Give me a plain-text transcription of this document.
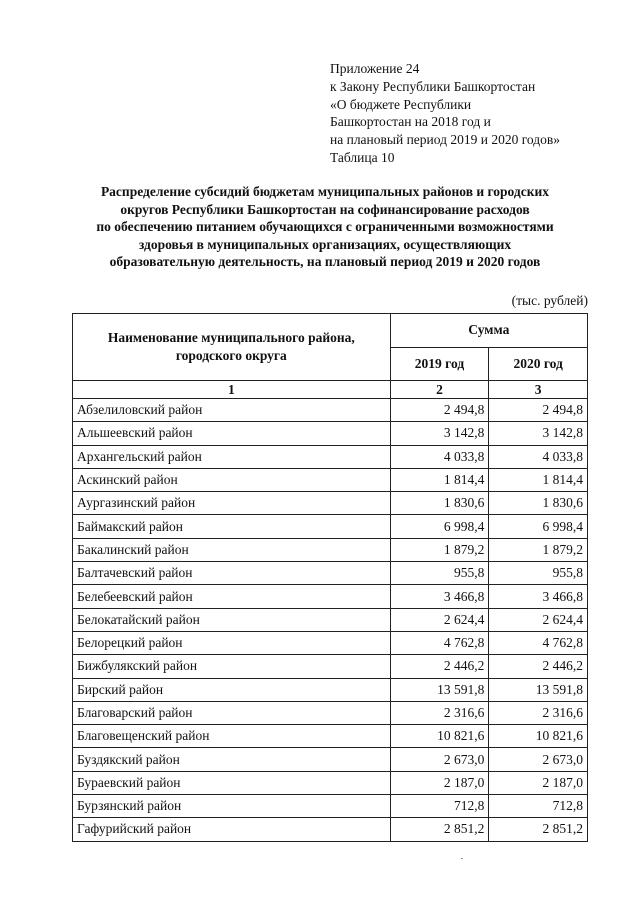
Приложение 24
к Закону Республики Башкортостан
«О бюджете Республики
Башкортостан на 2018 год и
на плановый период 2019 и 2020 годов»
Таблица 10
Распределение субсидий бюджетам муниципальных районов и городских
округов Республики Башкортостан на софинансирование расходов
по обеспечению питанием обучающихся с ограниченными возможностями
здоровья в муниципальных организациях, осуществляющих
образовательную деятельность, на плановый период 2019 и 2020 годов
(тыс. рублей)
Наименование муниципального района, городского округа	Сумма	
	2019 год	2020 год
1	2	3
Абзелиловский район	2 494,8	2 494,8
Альшеевский район	3 142,8	3 142,8
Архангельский район	4 033,8	4 033,8
Аскинский район	1 814,4	1 814,4
Аургазинский район	1 830,6	1 830,6
Баймакский район	6 998,4	6 998,4
Бакалинский район	1 879,2	1 879,2
Балтачевский район	955,8	955,8
Белебеевский район	3 466,8	3 466,8
Белокатайский район	2 624,4	2 624,4
Белорецкий район	4 762,8	4 762,8
Бижбулякский район	2 446,2	2 446,2
Бирский район	13 591,8	13 591,8
Благоварский район	2 316,6	2 316,6
Благовещенский район	10 821,6	10 821,6
Буздякский район	2 673,0	2 673,0
Бураевский район	2 187,0	2 187,0
Бурзянский район	712,8	712,8
Гафурийский район	2 851,2	2 851,2
